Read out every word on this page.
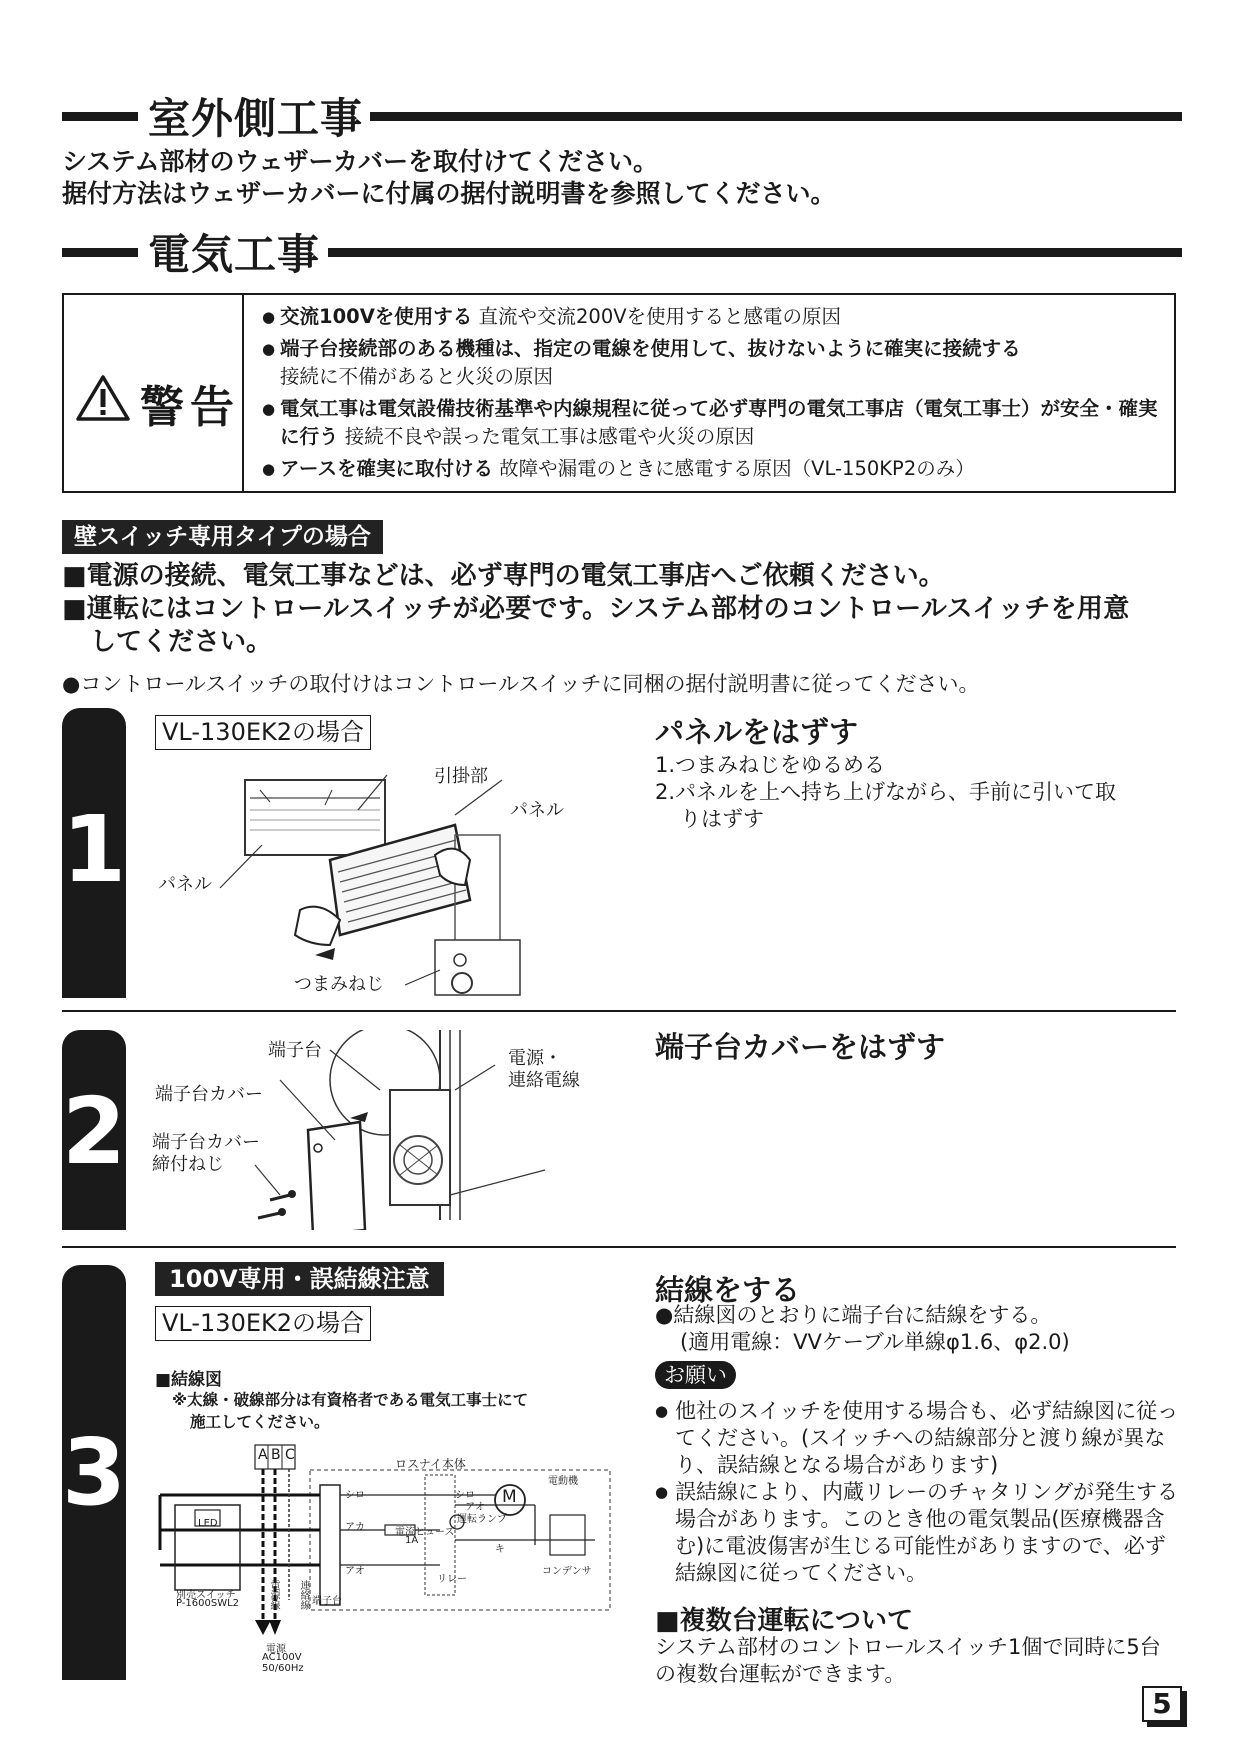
室外側工事
システム部材のウェザーカバーを取付けてください。
据付方法はウェザーカバーに付属の据付説明書を参照してください。
電気工事
警告
● 交流100Vを使用する 直流や交流200Vを使用すると感電の原因
● 端子台接続部のある機種は、指定の電線を使用して、抜けないように確実に接続する
接続に不備があると火災の原因
● 電気工事は電気設備技術基準や内線規程に従って必ず専門の電気工事店（電気工事士）が安全・確実に行う 接続不良や誤った電気工事は感電や火災の原因
● アースを確実に取付ける 故障や漏電のときに感電する原因（VL-150KP2のみ）
壁スイッチ専用タイプの場合
■電源の接続、電気工事などは、必ず専門の電気工事店へご依頼ください。
■運転にはコントロールスイッチが必要です。システム部材のコントロールスイッチを用意
してください。
●コントロールスイッチの取付けはコントロールスイッチに同梱の据付説明書に従ってください。
1
VL-130EK2の場合	パネルをはずす
1.つまみねじをゆるめる
2.パネルを上へ持ち上げながら、手前に引いて取
りはずす
引掛部
パネル
パネル
つまみねじ
2
端子台カバーをはずす
端子台
端子台カバー
端子台カバー
締付ねじ
電源・
連絡電線
3
100V専用・誤結線注意
VL-130EK2の場合
■結線図
※太線・破線部分は有資格者である電気工事士にて
施工してください。
A B C
ロスナイ本体
電動機
M
シロ	シロ
アオ
アカ	電流ヒューズ
1A
運転ランプ
キ
アオ
リレー
コンデンサ
LED
別売スイッチ
P-1600SWL2	端子台
電源
AC100V
50/60Hz
電源線 連絡線
結線をする
●結線図のとおりに端子台に結線をする。
(適用電線：VVケーブル単線φ1.6、φ2.0)
お願い
● 他社のスイッチを使用する場合も、必ず結線図に従ってください。(スイッチへの結線部分と渡り線が異なり、誤結線となる場合があります)
● 誤結線により、内蔵リレーのチャタリングが発生する場合があります。このとき他の電気製品(医療機器含む)に電波傷害が生じる可能性がありますので、必ず結線図に従ってください。
■複数台運転について
システム部材のコントロールスイッチ1個で同時に5台の複数台運転ができます。
5
